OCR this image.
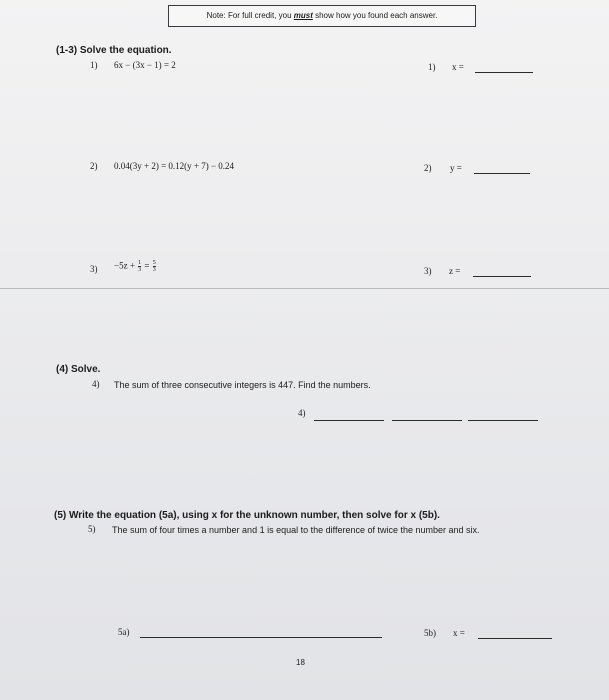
Note: For full credit, you must show how you found each answer.
(1-3) Solve the equation.
1) 6x − (3x − 1) = 2	1) x =
2) 0.04(3y + 2) = 0.12(y + 7) − 0.24	2) y =
$3) -5z + \frac{1}{3} = \frac{5}{3}$	3) z =
(4) Solve.
4) The sum of three consecutive integers is 447. Find the numbers.
4)
(5) Write the equation (5a), using x for the unknown number, then solve for x (5b).
5) The sum of four times a number and 1 is equal to the difference of twice the number and six.
5a)	5b) x =
18
